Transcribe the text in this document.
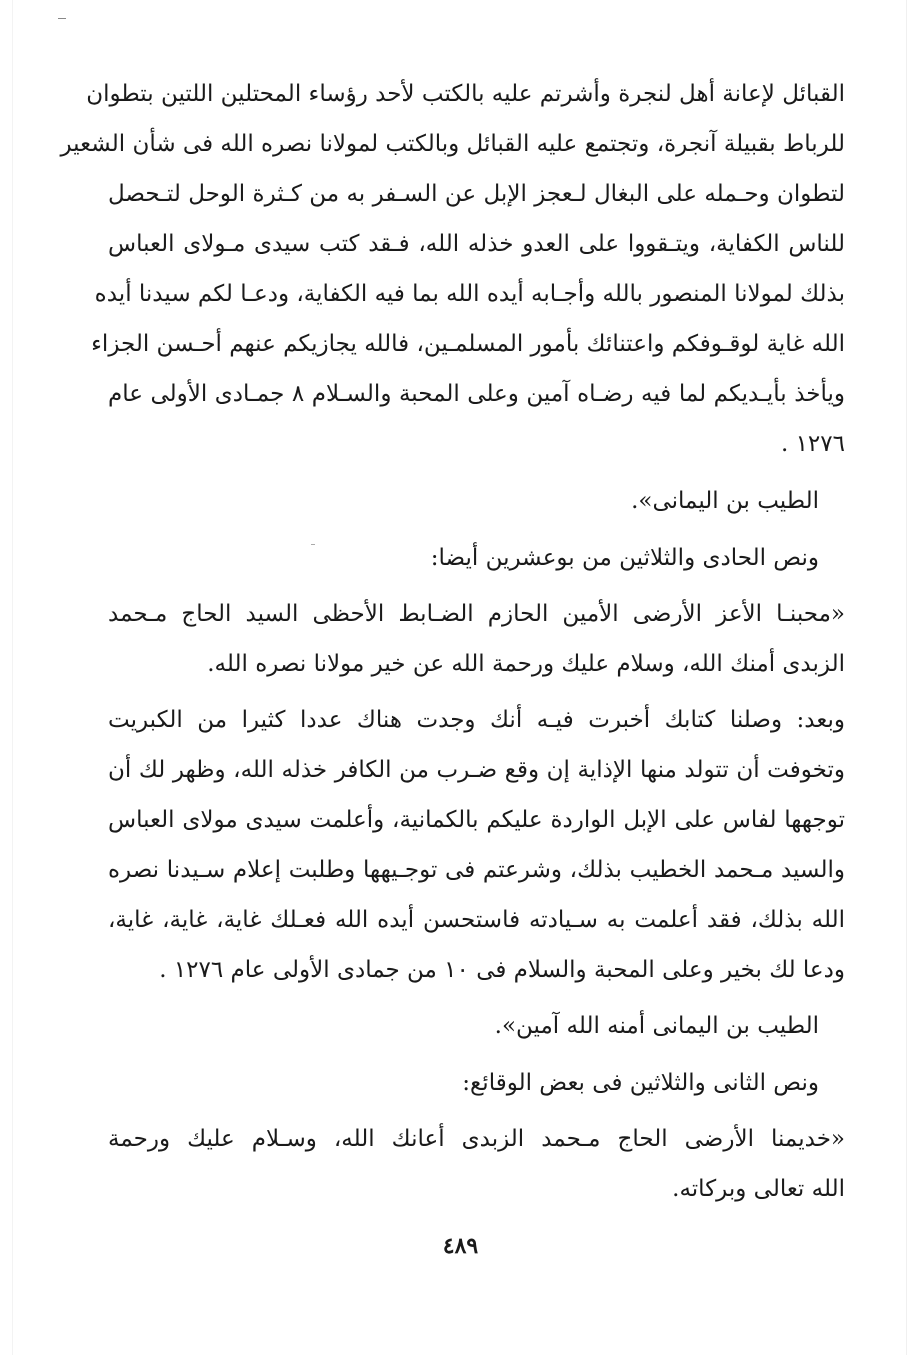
القبائل لإعانة أهل لنجرة وأشرتم عليه بالكتب لأحد رؤساء المحتلين اللتين بتطوان
للرباط بقبيلة آنجرة، وتجتمع عليه القبائل وبالكتب لمولانا نصره الله فى شأن الشعير
لتطوان وحـمله على البغال لـعجز الإبل عن السـفر به من كـثرة الوحل لتـحصل
للناس الكفاية، ويتـقووا على العدو خذله الله، فـقد كتب سيدى مـولاى العباس
بذلك لمولانا المنصور بالله وأجـابه أيده الله بما فيه الكفاية، ودعـا لكم سيدنا أيده
الله غاية لوقـوفكم واعتنائك بأمور المسلمـين، فالله يجازيكم عنهم أحـسن الجزاء
ويأخذ بأيـديكم لما فيه رضـاه آمين وعلى المحبة والسـلام ٨ جمـادى الأولى عام
١٢٧٦ .
الطيب بن اليمانى».
ونص الحادى والثلاثين من بوعشرين أيضا:
«محبنـا الأعز الأرضى الأمين الحازم الضـابط الأحظى السيد الحاج مـحمد
الزبدى أمنك الله، وسلام عليك ورحمة الله عن خير مولانا نصره الله.
وبعد: وصلنا كتابك أخبرت فيـه أنك وجدت هناك عددا كثيرا من الكبريت
وتخوفت أن تتولد منها الإذاية إن وقع ضـرب من الكافر خذله الله، وظهر لك أن
توجهها لفاس على الإبل الواردة عليكم بالكمانية، وأعلمت سيدى مولاى العباس
والسيد مـحمد الخطيب بذلك، وشرعتم فى توجـيهها وطلبت إعلام سـيدنا نصره
الله بذلك، فقد أعلمت به سـيادته فاستحسن أيده الله فعـلك غاية، غاية، غاية،
ودعا لك بخير وعلى المحبة والسلام فى ١٠ من جمادى الأولى عام ١٢٧٦ .
الطيب بن اليمانى أمنه الله آمين».
ونص الثانى والثلاثين فى بعض الوقائع:
«خديمنا الأرضى الحاج مـحمد الزبدى أعانك الله، وسـلام عليك ورحمة
الله تعالى وبركاته.
٤٨٩
